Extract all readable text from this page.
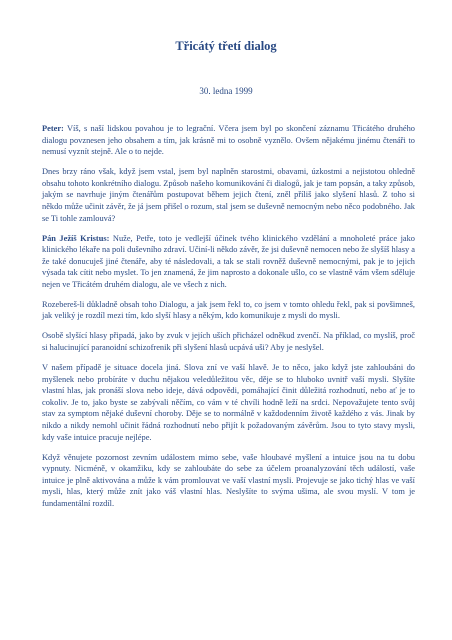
Třicátý třetí dialog
30. ledna 1999

Peter: Víš, s naší lidskou povahou je to legrační. Včera jsem byl po skončení záznamu Třicátého druhého dialogu povznesen jeho obsahem a tím, jak krásně mi to osobně vyznělo. Ovšem nějakému jinému čtenáři to nemusí vyznít stejně. Ale o to nejde.

Dnes brzy ráno však, když jsem vstal, jsem byl naplněn starostmi, obavami, úzkostmi a nejistotou ohledně obsahu tohoto konkrétního dialogu. Způsob našeho komunikování či dialogů, jak je tam popsán, a taky způsob, jakým se navrhuje jiným čtenářům postupovat během jejich čtení, zněl příliš jako slyšení hlasů. Z toho si někdo může učinit závěr, že já jsem přišel o rozum, stal jsem se duševně nemocným nebo něco podobného. Jak se Ti tohle zamlouvá?

Pán Ježíš Kristus: Nuže, Petře, toto je vedlejší účinek tvého klinického vzdělání a mnoholeté práce jako klinického lékaře na poli duševního zdraví. Učiní-li někdo závěr, že jsi duševně nemocen nebo že slyšíš hlasy a že také donucuješ jiné čtenáře, aby té následovali, a tak se stali rovněž duševně nemocnými, pak je to jejich výsada tak cítit nebo myslet. To jen znamená, že jim naprosto a dokonale ušlo, co se vlastně vám všem sděluje nejen ve Třicátém druhém dialogu, ale ve všech z nich.

Rozebereš-li důkladně obsah toho Dialogu, a jak jsem řekl to, co jsem v tomto ohledu řekl, pak si povšimneš, jak veliký je rozdíl mezi tím, kdo slyší hlasy a někým, kdo komunikuje z mysli do mysli.

Osobě slyšící hlasy připadá, jako by zvuk v jejích uších přicházel odněkud zvenčí. Na příklad, co myslíš, proč si halucinující paranoidní schizofrenik při slyšení hlasů ucpává uši? Aby je neslyšel.

V našem případě je situace docela jiná. Slova zní ve vaší hlavě. Je to něco, jako když jste zahloubáni do myšlenek nebo probíráte v duchu nějakou veledůležitou věc, děje se to hluboko uvnitř vaší mysli. Slyšíte vlastní hlas, jak pronáší slova nebo ideje, dává odpovědi, pomáhající činit důležitá rozhodnutí, nebo ať je to cokoliv. Je to, jako byste se zabývali něčím, co vám v té chvíli hodně leží na srdci. Nepovažujete tento svůj stav za symptom nějaké duševní choroby. Děje se to normálně v každodenním životě každého z vás. Jinak by nikdo a nikdy nemohl učinit řádná rozhodnutí nebo přijít k požadovaným závěrům. Jsou to tyto stavy mysli, kdy vaše intuice pracuje nejlépe.

Když věnujete pozornost zevním událostem mimo sebe, vaše hloubavé myšlení a intuice jsou na tu dobu vypnuty. Nicméně, v okamžiku, kdy se zahloubáte do sebe za účelem proanalyzování těch událostí, vaše intuice je plně aktivována a může k vám promlouvat ve vaší vlastní mysli. Projevuje se jako tichý hlas ve vaší mysli, hlas, který může znít jako váš vlastní hlas. Neslyšíte to svýma ušima, ale svou myslí. V tom je fundamentální rozdíl.
